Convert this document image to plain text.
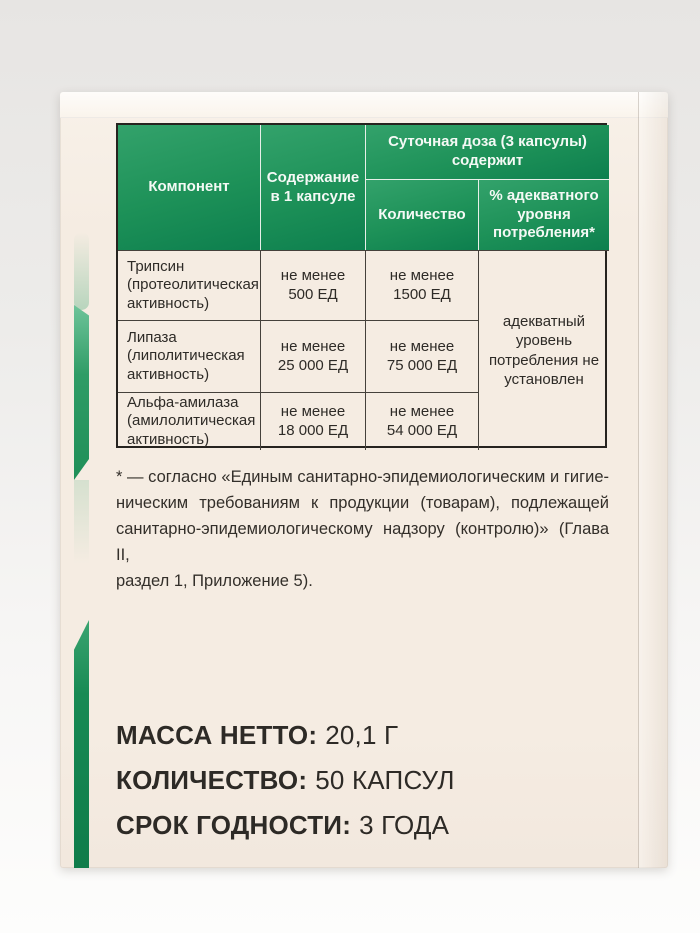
Компонент
Содержание в 1 капсуле
Суточная доза (3 капсулы) содержит
Количество
% адекватного уровня потребления*
Трипсин
(протеолитическая активность)
не менее
500 ЕД
не менее
1500 ЕД
адекватный уровень потребления не установлен
Липаза
(липолитическая активность)
не менее
25 000 ЕД
не менее
75 000 ЕД
Альфа-амилаза
(амилолитическая активность)
не менее
18 000 ЕД
не менее
54 000 ЕД
* — согласно «Единым санитарно-эпидемиологическим и гигие-
ническим требованиям к продукции (товарам), подлежащей
санитарно-эпидемиологическому надзору (контролю)» (Глава II,
раздел 1, Приложение 5).
МАССА НЕТТО: 20,1 Г
КОЛИЧЕСТВО: 50 КАПСУЛ
СРОК ГОДНОСТИ: 3 ГОДА
